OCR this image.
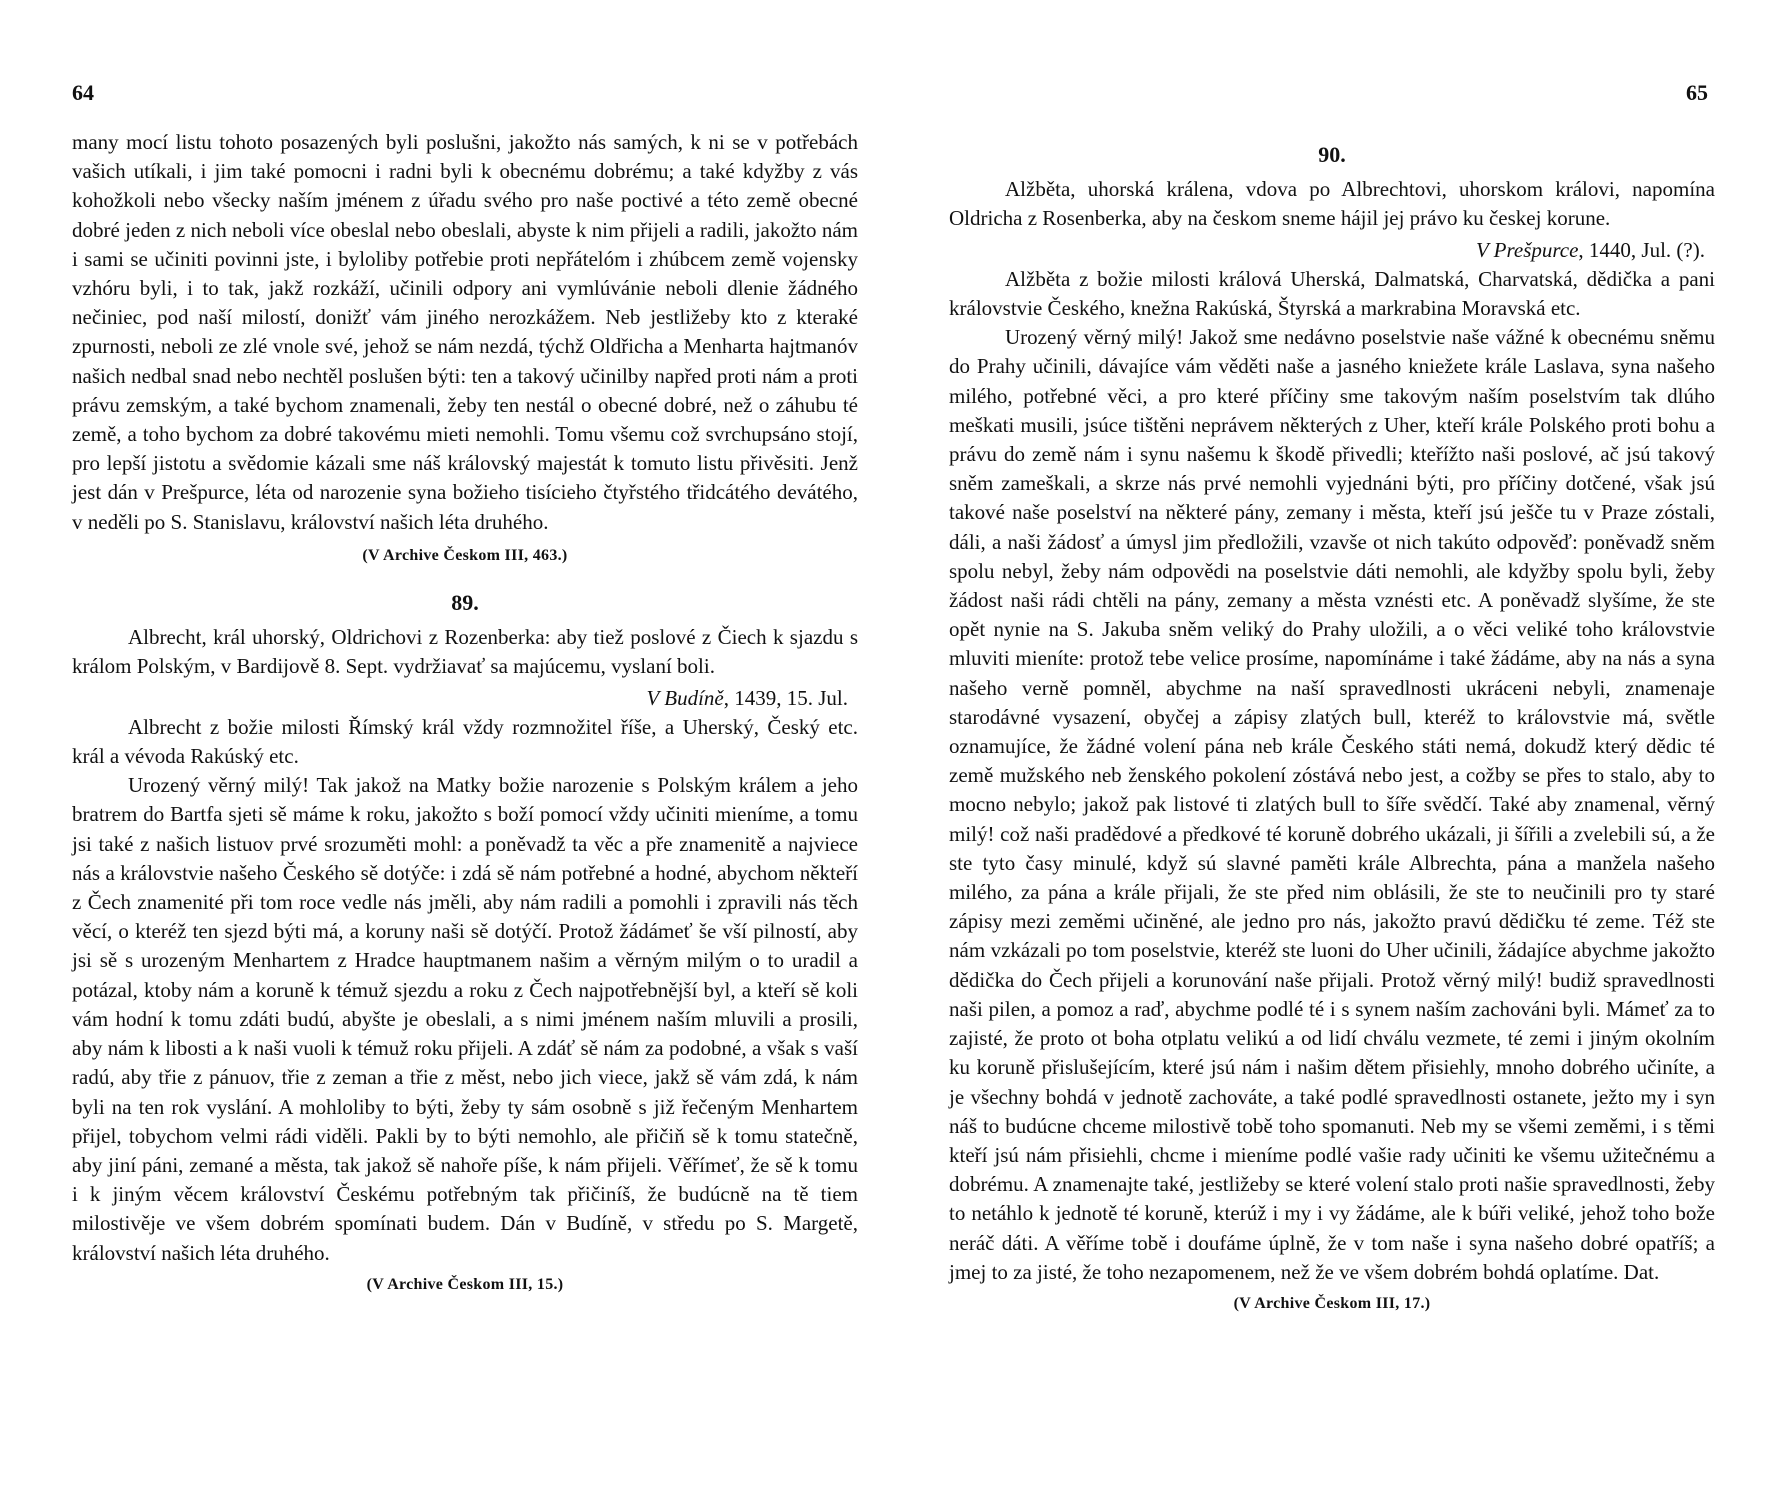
64

many mocí listu tohoto posazených byli poslušni, jakožto nás samých, k ni se v potřebách vašich utíkali, i jim také pomocni i radni byli k obecnému dobrému; a také kdyžby z vás kohožkoli nebo všecky naším jménem z úřadu svého pro naše poctivé a této země obecné dobré jeden z nich neboli více obeslal nebo obeslali, abyste k nim přijeli a radili, jakožto nám i sami se učiniti povinni jste, i byloliby potřebie proti nepřátelóm i zhúbcem země vojensky vzhóru byli, i to tak, jakž rozkáží, učinili odpory ani vymlúvánie neboli dlenie žádného nečiniec, pod naší milostí, donižť vám jiného nerozkážem. Neb jestližeby kto z kteraké zpurnosti, neboli ze zlé vnole své, jehož se nám nezdá, týchž Oldřicha a Menharta hajtmanóv našich nedbal snad nebo nechtěl poslušen býti: ten a takový učinilby napřed proti nám a proti právu zemským, a také bychom znamenali, žeby ten nestál o obecné dobré, než o záhubu té země, a toho bychom za dobré takovému mieti nemohli. Tomu všemu což svrchupsáno stojí, pro lepší jistotu a svědomie kázali sme náš královský majestát k tomuto listu přivěsiti. Jenž jest dán v Prešpurce, léta od narozenie syna božieho tisícieho čtyřstého třidcátého devátého, v neděli po S. Stanislavu, království našich léta druhého.

(V Archive Českom III, 463.)

89.

Albrecht, král uhorský, Oldrichovi z Rozenberka: aby tiež poslové z Čiech k sjazdu s králom Polským, v Bardijově 8. Sept. vydržiavať sa majúcemu, vyslaní boli.

V Budíně, 1439, 15. Jul.

Albrecht z božie milosti Římský král vždy rozmnožitel říše, a Uherský, Český etc. král a vévoda Rakúský etc.

Urozený věrný milý! Tak jakož na Matky božie narozenie s Polským králem a jeho bratrem do Bartfa sjeti sě máme k roku, jakožto s boží pomocí vždy učiniti mieníme, a tomu jsi také z našich listuov prvé srozuměti mohl: a poněvadž ta věc a pře znamenitě a najviece nás a královstvie našeho Českého sě dotýče: i zdá sě nám potřebné a hodné, abychom někteří z Čech znamenité při tom roce vedle nás jměli, aby nám radili a pomohli i zpravili nás těch věcí, o kteréž ten sjezd býti má, a koruny naši sě dotýčí. Protož žádámeť še vší pilností, aby jsi sě s urozeným Menhartem z Hradce hauptmanem našim a věrným milým o to uradil a potázal, ktoby nám a koruně k témuž sjezdu a roku z Čech najpotřebnější byl, a kteří sě koli vám hodní k tomu zdáti budú, abyšte je obeslali, a s nimi jménem naším mluvili a prosili, aby nám k libosti a k naši vuoli k témuž roku přijeli. A zdáť sě nám za podobné, a však s vaší radú, aby třie z pánuov, třie z zeman a třie z měst, nebo jich viece, jakž sě vám zdá, k nám byli na ten rok vyslání. A mohloliby to býti, žeby ty sám osobně s již řečeným Menhartem přijel, tobychom velmi rádi viděli. Pakli by to býti nemohlo, ale přičiň sě k tomu statečně, aby jiní páni, zemané a města, tak jakož sě nahoře píše, k nám přijeli. Věřímeť, že sě k tomu i k jiným věcem království Českému potřebným tak přičiníš, že budúcně na tě tiem milostivěje ve všem dobrém spomínati budem. Dán v Budíně, v středu po S. Margetě, království našich léta druhého.

(V Archive Českom III, 15.)

65

90.

Alžběta, uhorská králena, vdova po Albrechtovi, uhorskom královi, napomína Oldricha z Rosenberka, aby na českom sneme hájil jej právo ku českej korune.

V Prešpurce, 1440, Jul. (?).

Alžběta z božie milosti králová Uherská, Dalmatská, Charvatská, dědička a pani královstvie Českého, knežna Rakúská, Štyrská a markrabina Moravská etc.

Urozený věrný milý! Jakož sme nedávno poselstvie naše vážné k obecnému sněmu do Prahy učinili, dávajíce vám věděti naše a jasného kniežete krále Laslava, syna našeho milého, potřebné věci, a pro které příčiny sme takovým naším poselstvím tak dlúho meškati musili, jsúce tištěni neprávem některých z Uher, kteří krále Polského proti bohu a právu do země nám i synu našemu k škodě přivedli; kteřížto naši poslové, ač jsú takový sněm zameškali, a skrze nás prvé nemohli vyjednáni býti, pro příčiny dotčené, však jsú takové naše poselství na některé pány, zemany i města, kteří jsú ješče tu v Praze zóstali, dáli, a naši žádosť a úmysl jim předložili, vzavše ot nich takúto odpověď: poněvadž sněm spolu nebyl, žeby nám odpovědi na poselstvie dáti nemohli, ale kdyžby spolu byli, žeby žádost naši rádi chtěli na pány, zemany a města vznésti etc. A poněvadž slyšíme, že ste opět nynie na S. Jakuba sněm veliký do Prahy uložili, a o věci veliké toho královstvie mluviti mieníte: protož tebe velice prosíme, napomínáme i také žádáme, aby na nás a syna našeho verně pomněl, abychme na naší spravedlnosti ukráceni nebyli, znamenaje starodávné vysazení, obyčej a zápisy zlatých bull, kteréž to královstvie má, světle oznamujíce, že žádné volení pána neb krále Českého státi nemá, dokudž který dědic té země mužského neb ženského pokolení zóstává nebo jest, a cožby se přes to stalo, aby to mocno nebylo; jakož pak listové ti zlatých bull to šíře svědčí. Také aby znamenal, věrný milý! což naši pradědové a předkové té koruně dobrého ukázali, ji šířili a zvelebili sú, a že ste tyto časy minulé, když sú slavné paměti krále Albrechta, pána a manžela našeho milého, za pána a krále přijali, že ste před nim oblásili, že ste to neučinili pro ty staré zápisy mezi zeměmi učiněné, ale jedno pro nás, jakožto pravú dědičku té zeme. Též ste nám vzkázali po tom poselstvie, kteréž ste luoni do Uher učinili, žádajíce abychme jakožto dědička do Čech přijeli a korunování naše přijali. Protož věrný milý! budiž spravedlnosti naši pilen, a pomoz a raď, abychme podlé té i s synem naším zachováni byli. Mámeť za to zajisté, že proto ot boha otplatu velikú a od lidí chválu vezmete, té zemi i jiným okolním ku koruně přislušejícím, které jsú nám i našim dětem přisiehly, mnoho dobrého učiníte, a je všechny bohdá v jednotě zachováte, a také podlé spravedlnosti ostanete, ježto my i syn náš to budúcne chceme milostivě tobě toho spomanuti. Neb my se všemi zeměmi, i s těmi kteří jsú nám přisiehli, chcme i mieníme podlé vašie rady učiniti ke všemu užitečnému a dobrému. A znamenajte také, jestližeby se které volení stalo proti našie spravedlnosti, žeby to netáhlo k jednotě té koruně, kterúž i my i vy žádáme, ale k búři veliké, jehož toho bože neráč dáti. A věříme tobě i doufáme úplně, že v tom naše i syna našeho dobré opatříš; a jmej to za jisté, že toho nezapomenem, než že ve všem dobrém bohdá oplatíme. Dat.

(V Archive Českom III, 17.)
